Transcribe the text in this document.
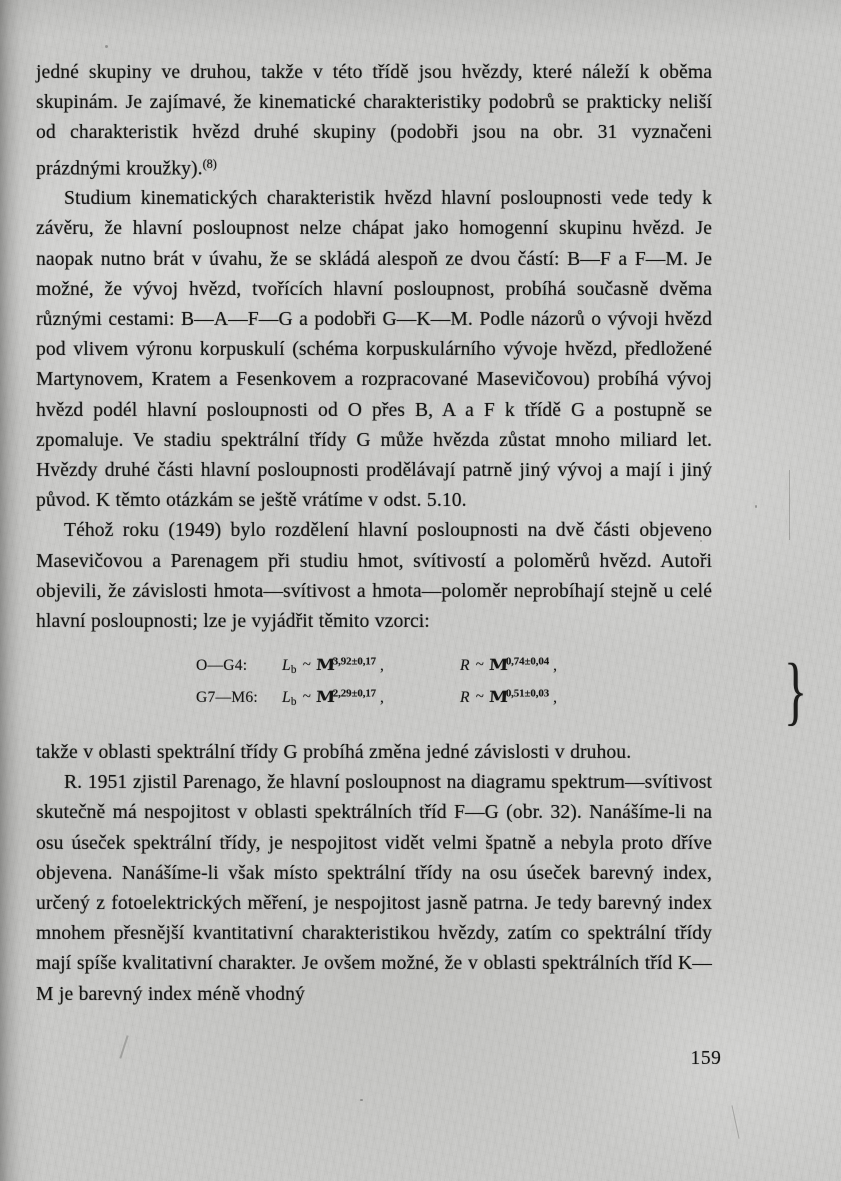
jedné skupiny ve druhou, takže v této třídě jsou hvězdy, které náleží k oběma skupinám. Je zajímavé, že kinematické charakteristiky podobrů se prakticky neliší od charakteristik hvězd druhé skupiny (podobři jsou na obr. 31 vyznačeni prázdnými kroužky).$^{(8)}$

Studium kinematických charakteristik hvězd hlavní posloupnosti vede tedy k závěru, že hlavní posloupnost nelze chápat jako homogenní skupinu hvězd. Je naopak nutno brát v úvahu, že se skládá alespoň ze dvou částí: B—F a F—M. Je možné, že vývoj hvězd, tvořících hlavní posloupnost, probíhá současně dvěma různými cestami: B—A—F—G a podobři G—K—M. Podle názorů o vývoji hvězd pod vlivem výronu korpuskulí (schéma korpuskulárního vývoje hvězd, předložené Martynovem, Kratem a Fesenkovem a rozpracované Masevičovou) probíhá vývoj hvězd podél hlavní posloupnosti od O přes B, A a F k třídě G a postupně se zpomaluje. Ve stadiu spektrální třídy G může hvězda zůstat mnoho miliard let. Hvězdy druhé části hlavní posloupnosti prodělávají patrně jiný vývoj a mají i jiný původ. K těmto otázkám se ještě vrátíme v odst. 5.10.

Téhož roku (1949) bylo rozdělení hlavní posloupnosti na dvě části objeveno Masevičovou a Parenagem při studiu hmot, svítivostí a poloměrů hvězd. Autoři objevili, že závislosti hmota—svítivost a hmota—poloměr neprobíhají stejně u celé hlavní posloupnosti; lze je vyjádřit těmito vzorci:

O—G4:	$L_b$ ~ $M^{3,92\pm 0,17}$ ,	R ~ $M^{0,74\pm 0,04}$ ,
G7—M6:	$L_b$ ~ $M^{2,29\pm 0,17}$ ,	R ~ $M^{0,51\pm 0,03}$ ,	}

takže v oblasti spektrální třídy G probíhá změna jedné závislosti v druhou.

R. 1951 zjistil Parenago, že hlavní posloupnost na diagramu spektrum—svítivost skutečně má nespojitost v oblasti spektrálních tříd F—G (obr. 32). Nanášíme-li na osu úseček spektrální třídy, je nespojitost vidět velmi špatně a nebyla proto dříve objevena. Nanášíme-li však místo spektrální třídy na osu úseček barevný index, určený z fotoelektrických měření, je nespojitost jasně patrna. Je tedy barevný index mnohem přesnější kvantitativní charakteristikou hvězdy, zatím co spektrální třídy mají spíše kvalitativní charakter. Je ovšem možné, že v oblasti spektrálních tříd K—M je barevný index méně vhodný

159
